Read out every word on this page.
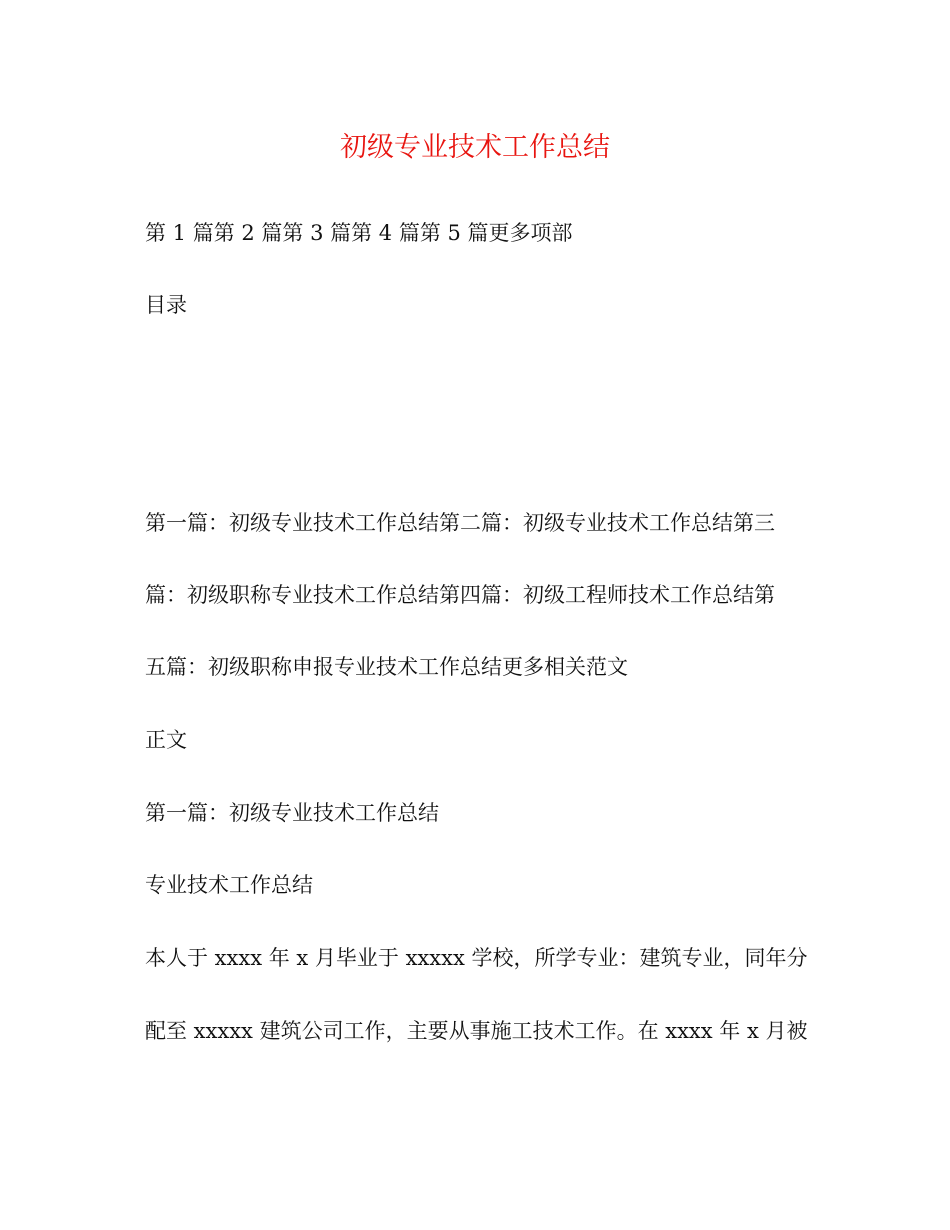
初级专业技术工作总结
第 1 篇第 2 篇第 3 篇第 4 篇第 5 篇更多项部
目录
第一篇：初级专业技术工作总结第二篇：初级专业技术工作总结第三
篇：初级职称专业技术工作总结第四篇：初级工程师技术工作总结第
五篇：初级职称申报专业技术工作总结更多相关范文
正文
第一篇：初级专业技术工作总结
专业技术工作总结
本人于 xxxx 年 x 月毕业于 xxxxx 学校，所学专业：建筑专业，同年分
配至 xxxxx 建筑公司工作，主要从事施工技术工作。在 xxxx 年 x 月被
